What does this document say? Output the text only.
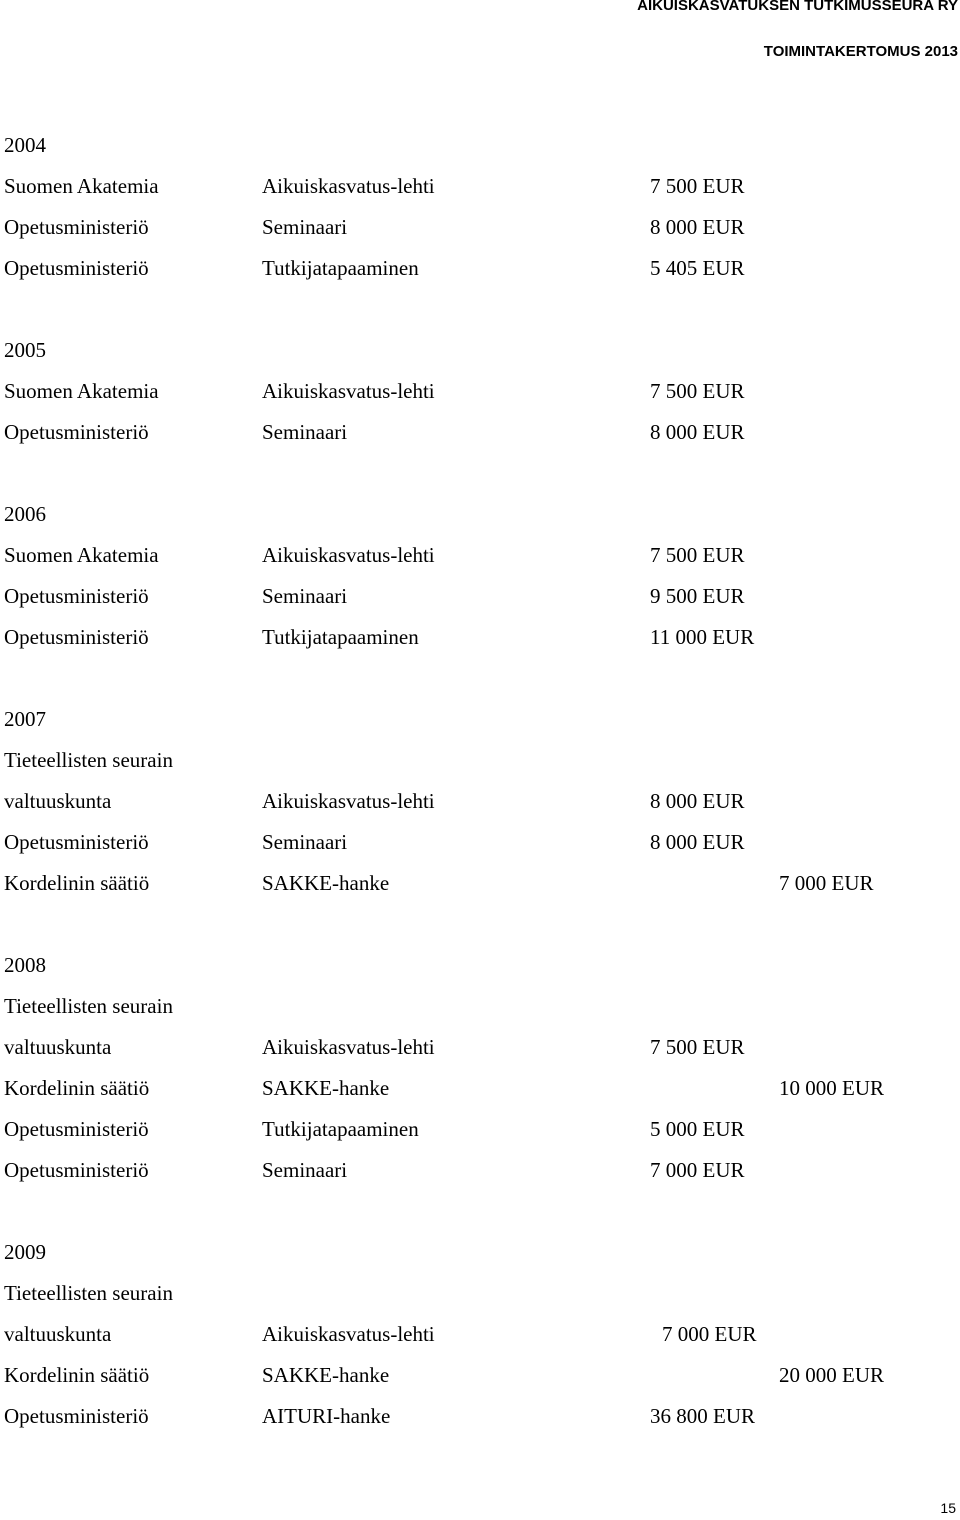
AIKUISKASVATUKSEN TUTKIMUSSEURA RY
TOIMINTAKERTOMUS 2013
2004
Suomen Akatemia	Aikuiskasvatus-lehti	7 500 EUR
Opetusministeriö	Seminaari	8 000 EUR
Opetusministeriö	Tutkijatapaaminen	5 405 EUR
2005
Suomen Akatemia	Aikuiskasvatus-lehti	7 500 EUR
Opetusministeriö	Seminaari	8 000 EUR
2006
Suomen Akatemia	Aikuiskasvatus-lehti	7 500 EUR
Opetusministeriö	Seminaari	9 500 EUR
Opetusministeriö	Tutkijatapaaminen	11 000 EUR
2007
Tieteellisten seurain
valtuuskunta	Aikuiskasvatus-lehti	8 000 EUR
Opetusministeriö	Seminaari	8 000 EUR
Kordelinin säätiö	SAKKE-hanke	7 000 EUR
2008
Tieteellisten seurain
valtuuskunta	Aikuiskasvatus-lehti	7 500 EUR
Kordelinin säätiö	SAKKE-hanke	10 000 EUR
Opetusministeriö	Tutkijatapaaminen	5 000 EUR
Opetusministeriö	Seminaari	7 000 EUR
2009
Tieteellisten seurain
valtuuskunta	Aikuiskasvatus-lehti	7 000 EUR
Kordelinin säätiö	SAKKE-hanke	20 000 EUR
Opetusministeriö	AITURI-hanke	36 800 EUR
15
